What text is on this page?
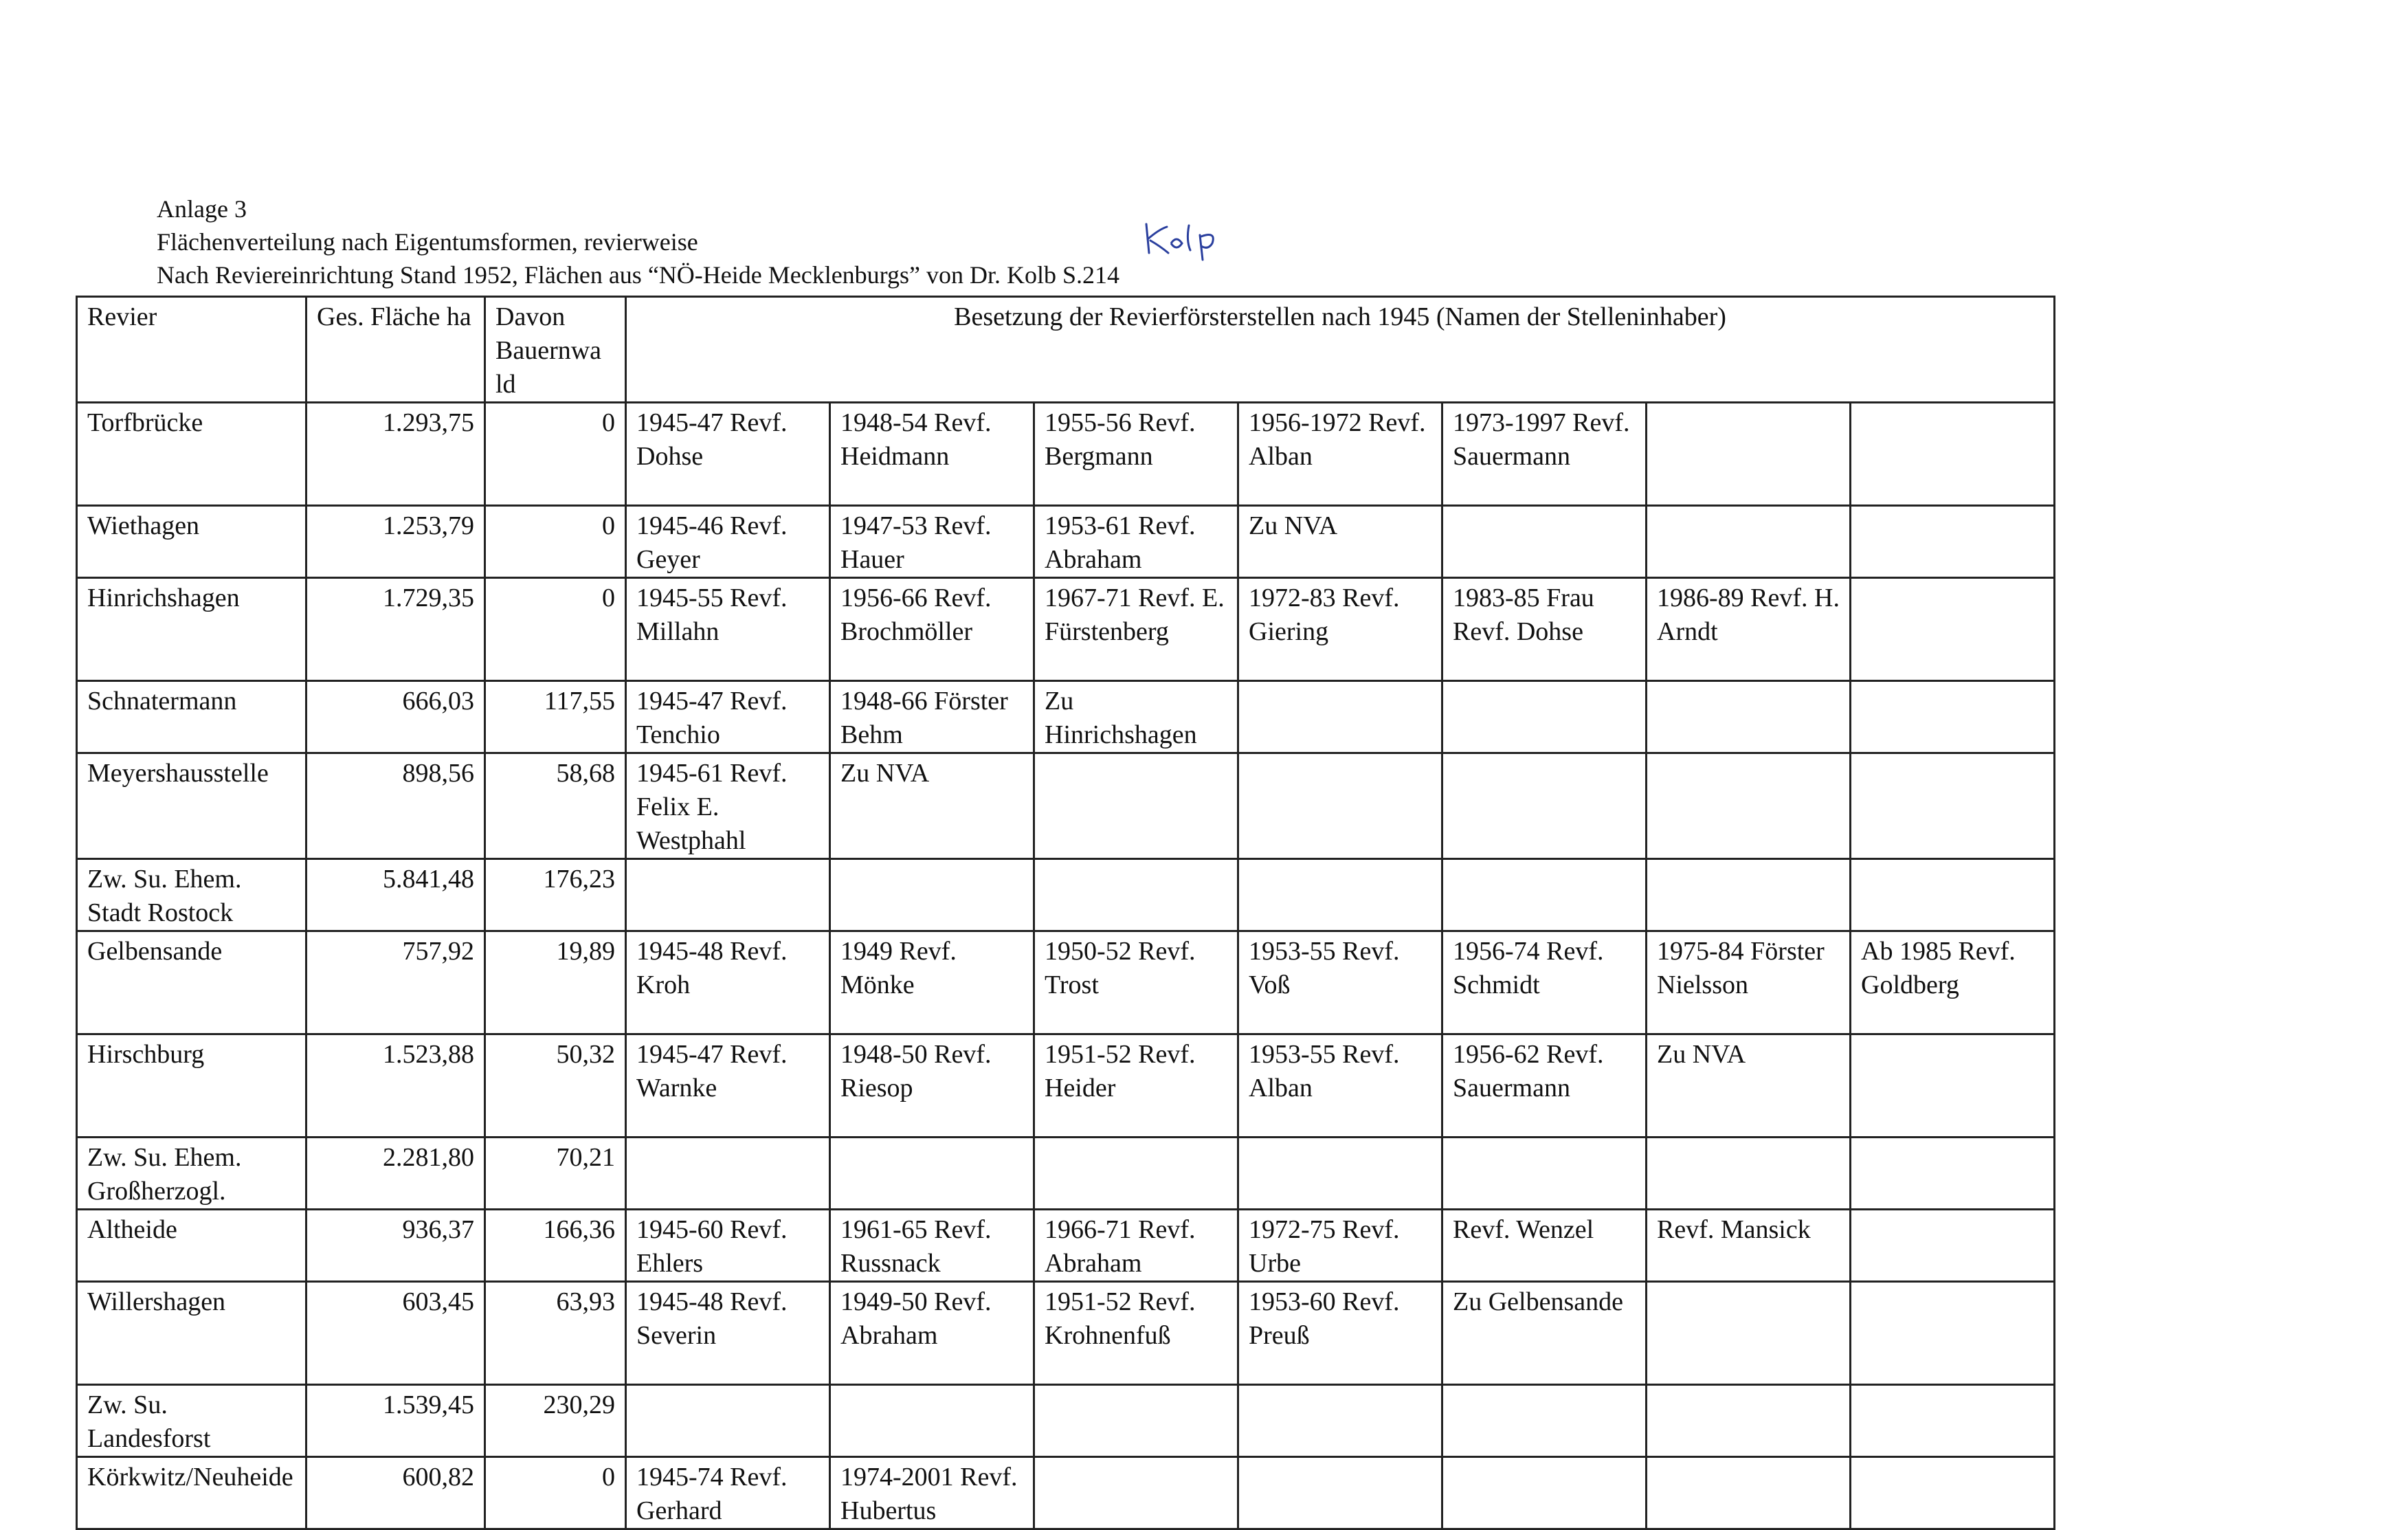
Anlage 3
Flächenverteilung nach Eigentumsformen, revierweise
Nach Reviereinrichtung Stand 1952, Flächen aus “NÖ-Heide Mecklenburgs” von Dr. Kolb S.214
Revier	Ges. Fläche ha	Davon Bauernwa ld	Besetzung der Revierförsterstellen nach 1945 (Namen der Stelleninhaber)						
Torfbrücke	1.293,75	0	1945-47 Revf. Dohse	1948-54 Revf. Heidmann	1955-56 Revf. Bergmann	1956-1972 Revf. Alban	1973-1997 Revf. Sauermann		
Wiethagen	1.253,79	0	1945-46 Revf. Geyer	1947-53 Revf. Hauer	1953-61 Revf. Abraham	Zu NVA			
Hinrichshagen	1.729,35	0	1945-55 Revf. Millahn	1956-66 Revf. Brochmöller	1967-71 Revf. E. Fürstenberg	1972-83 Revf. Giering	1983-85 Frau Revf. Dohse	1986-89 Revf. H. Arndt	
Schnatermann	666,03	117,55	1945-47 Revf. Tenchio	1948-66 Förster Behm	Zu Hinrichshagen				
Meyershausstelle	898,56	58,68	1945-61 Revf. Felix E. Westphahl	Zu NVA					
Zw. Su. Ehem. Stadt Rostock	5.841,48	176,23							
Gelbensande	757,92	19,89	1945-48 Revf. Kroh	1949 Revf. Mönke	1950-52 Revf. Trost	1953-55 Revf. Voß	1956-74 Revf. Schmidt	1975-84 Förster Nielsson	Ab 1985 Revf. Goldberg
Hirschburg	1.523,88	50,32	1945-47 Revf. Warnke	1948-50 Revf. Riesop	1951-52 Revf. Heider	1953-55 Revf. Alban	1956-62 Revf. Sauermann	Zu NVA	
Zw. Su. Ehem. Großherzogl.	2.281,80	70,21							
Altheide	936,37	166,36	1945-60 Revf. Ehlers	1961-65 Revf. Russnack	1966-71 Revf. Abraham	1972-75 Revf. Urbe	Revf. Wenzel	Revf. Mansick	
Willershagen	603,45	63,93	1945-48 Revf. Severin	1949-50 Revf. Abraham	1951-52 Revf. Krohnenfuß	1953-60 Revf. Preuß	Zu Gelbensande		
Zw. Su. Landesforst	1.539,45	230,29							
Körkwitz/Neuheide	600,82	0	1945-74 Revf. Gerhard	1974-2001 Revf. Hubertus					
